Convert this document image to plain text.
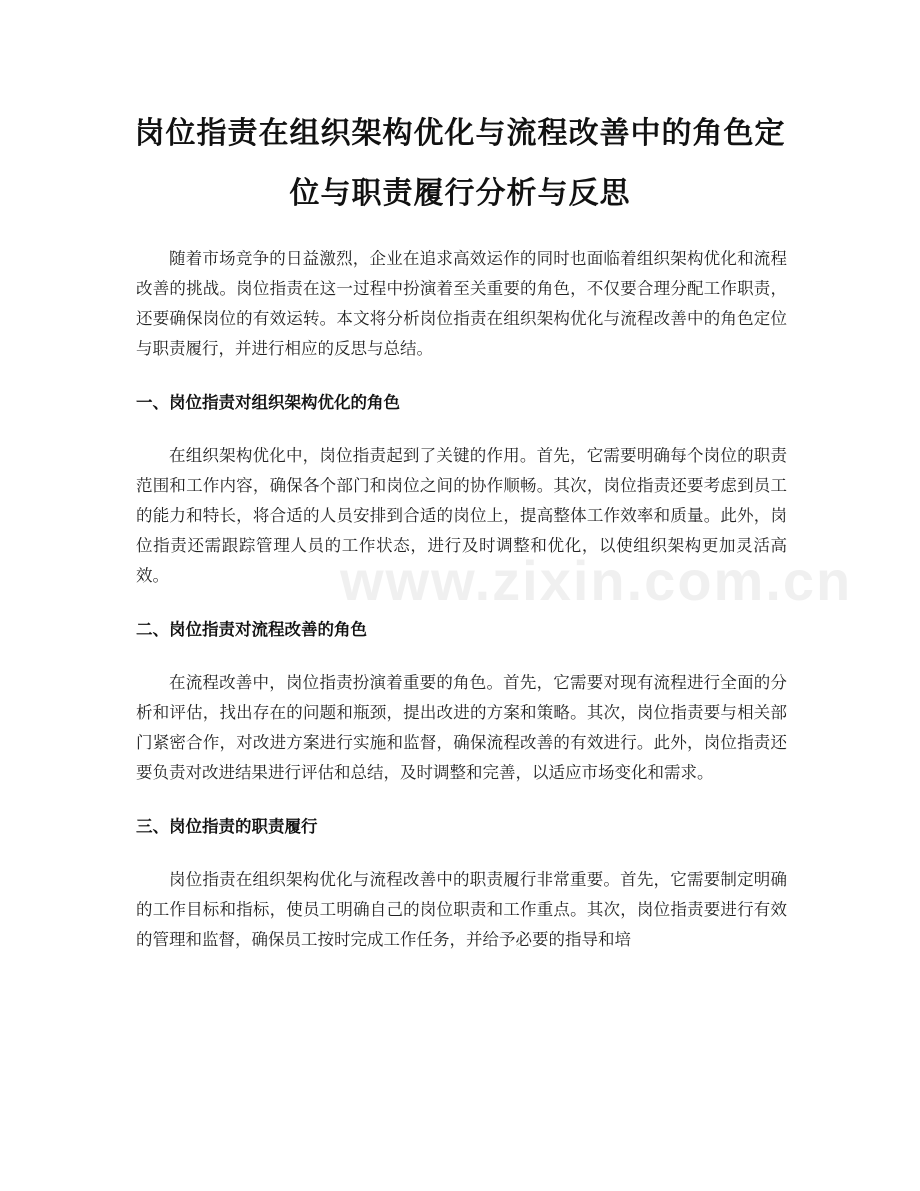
www.zixin.com.cn
岗位指责在组织架构优化与流程改善中的角色定位与职责履行分析与反思

随着市场竞争的日益激烈，企业在追求高效运作的同时也面临着组织架构优化和流程改善的挑战。岗位指责在这一过程中扮演着至关重要的角色，不仅要合理分配工作职责，还要确保岗位的有效运转。本文将分析岗位指责在组织架构优化与流程改善中的角色定位与职责履行，并进行相应的反思与总结。

一、岗位指责对组织架构优化的角色

在组织架构优化中，岗位指责起到了关键的作用。首先，它需要明确每个岗位的职责范围和工作内容，确保各个部门和岗位之间的协作顺畅。其次，岗位指责还要考虑到员工的能力和特长，将合适的人员安排到合适的岗位上，提高整体工作效率和质量。此外，岗位指责还需跟踪管理人员的工作状态，进行及时调整和优化，以使组织架构更加灵活高效。

二、岗位指责对流程改善的角色

在流程改善中，岗位指责扮演着重要的角色。首先，它需要对现有流程进行全面的分析和评估，找出存在的问题和瓶颈，提出改进的方案和策略。其次，岗位指责要与相关部门紧密合作，对改进方案进行实施和监督，确保流程改善的有效进行。此外，岗位指责还要负责对改进结果进行评估和总结，及时调整和完善，以适应市场变化和需求。

三、岗位指责的职责履行

岗位指责在组织架构优化与流程改善中的职责履行非常重要。首先，它需要制定明确的工作目标和指标，使员工明确自己的岗位职责和工作重点。其次，岗位指责要进行有效的管理和监督，确保员工按时完成工作任务，并给予必要的指导和培
